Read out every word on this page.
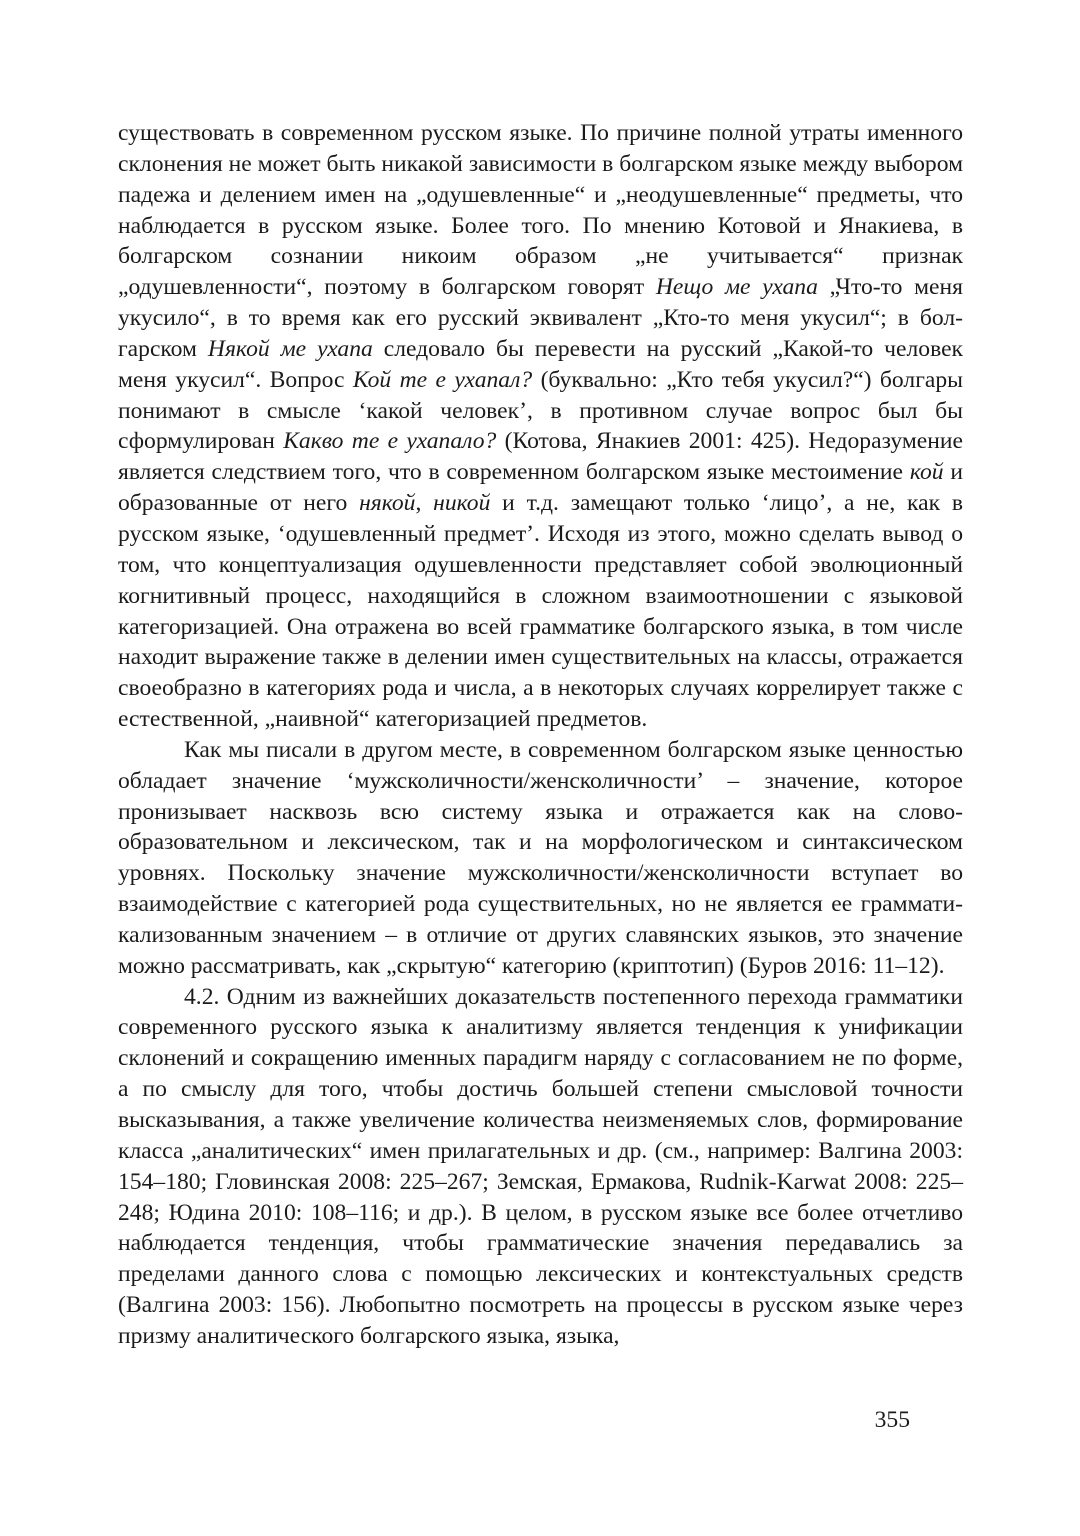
существовать в современном русском языке. По причине полной утраты именного склонения не может быть никакой зависимости в болгарском языке между выбором падежа и делением имен на „одушевленные“ и „неодушевленные“ предметы, что наблюдается в русском языке. Более того. По мнению Котовой и Янакиева, в болгарском сознании никоим образом „не учитывается“ признак „одушевленности“, поэтому в болгарском говорят Нещо ме ухапа „Что-то меня укусило“, в то время как его русский эквивалент „Кто-то меня укусил“; в болгарском Някой ме ухапа следовало бы перевести на русский „Какой-то человек меня укусил“. Вопрос Кой те е ухапал? (буквально: „Кто тебя укусил?“) болгары понимают в смысле ‘какой человек’, в противном случае вопрос был бы сформулирован Какво те е ухапало? (Котова, Янакиев 2001: 425). Недоразумение является следствием того, что в современном болгарском языке местоимение кой и образованные от него някой, никой и т.д. замещают только ‘лицо’, а не, как в русском языке, ‘одушевленный предмет’. Исходя из этого, можно сделать вывод о том, что концептуализация одушевленности представляет собой эволюционный когнитивный процесс, находящийся в сложном взаимоотношении с языковой категоризацией. Она отражена во всей грамматике болгарского языка, в том числе находит выражение также в делении имен существительных на классы, отражается своеобразно в категориях рода и числа, а в некоторых случаях коррелирует также с естественной, „наивной“ категоризацией предметов.

Как мы писали в другом месте, в современном болгарском языке ценностью обладает значение ‘мужсколичности/женсколичности’ – значение, которое пронизывает насквозь всю систему языка и отражается как на словообразовательном и лексическом, так и на морфологическом и синтаксическом уровнях. Поскольку значение мужсколичности/женсколичности вступает во взаимодействие с категорией рода существительных, но не является ее грамматикализованным значением – в отличие от других славянских языков, это значение можно рассматривать, как „скрытую“ категорию (криптотип) (Буров 2016: 11–12).

4.2. Одним из важнейших доказательств постепенного перехода грамматики современного русского языка к аналитизму является тенденция к унификации склонений и сокращению именных парадигм наряду с согласованием не по форме, а по смыслу для того, чтобы достичь большей степени смысловой точности высказывания, а также увеличение количества неизменяемых слов, формирование класса „аналитических“ имен прилагательных и др. (см., например: Валгина 2003: 154–180; Гловинская 2008: 225–267; Земская, Ермакова, Rudnik-Karwat 2008: 225–248; Юдина 2010: 108–116; и др.). В целом, в русском языке все более отчетливо наблюдается тенденция, чтобы грамматические значения передавались за пределами данного слова с помощью лексических и контекстуальных средств (Валгина 2003: 156). Любопытно посмотреть на процессы в русском языке через призму аналитического болгарского языка, языка,

355
